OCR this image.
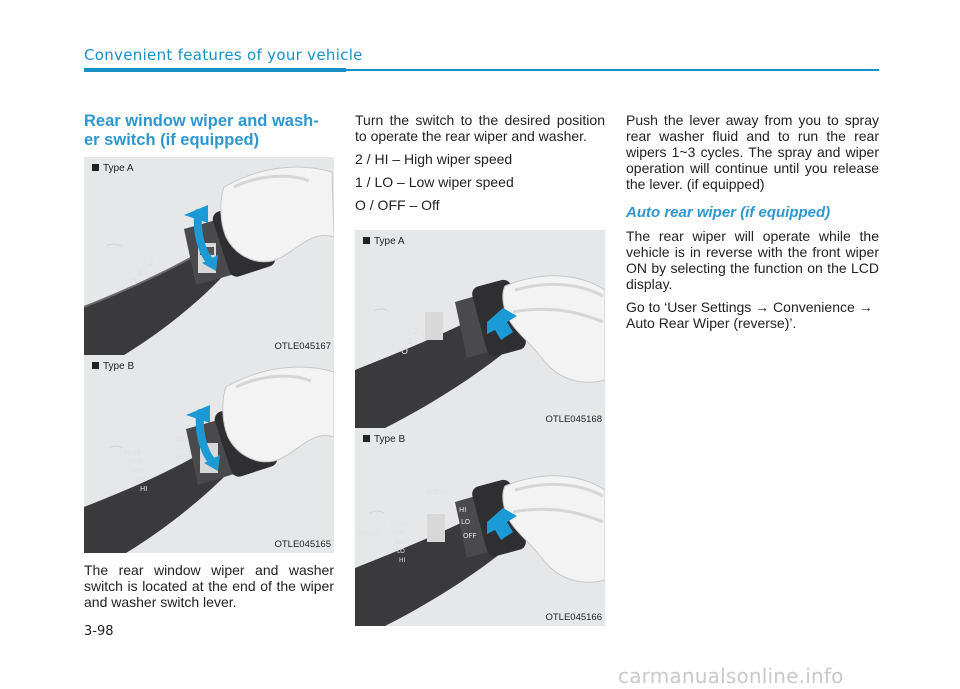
Convenient features of your vehicle
Rear window wiper and wash-
er switch (if equipped)
Type A
⌒
2
1
O
OTLE045167
Type B
⌒ MIST
OFF
INT
LO
HI
OFF
LO
OTLE045165

The rear window wiper and washer switch is located at the end of the wiper and washer switch lever.

Turn the switch to the desired position to operate the rear wiper and washer.

2 / HI – High wiper speed

1 / LO – Low wiper speed

O / OFF – Off

Type A
⌒
2
1
O
OTLE045168
Type B
⌒
AUTO
FRONT
MIST
OFF
INT
LO
HI
HI
LO
OFF
OTLE045166

Push the lever away from you to spray rear washer fluid and to run the rear wipers 1~3 cycles. The spray and wiper operation will continue until you release the lever. (if equipped)

Auto rear wiper (if equipped)

The rear wiper will operate while the vehicle is in reverse with the front wiper ON by selecting the function on the LCD display.

Go to ‘User Settings → Convenience → Auto Rear Wiper (reverse)’.

3-98
carmanualsonline.info
